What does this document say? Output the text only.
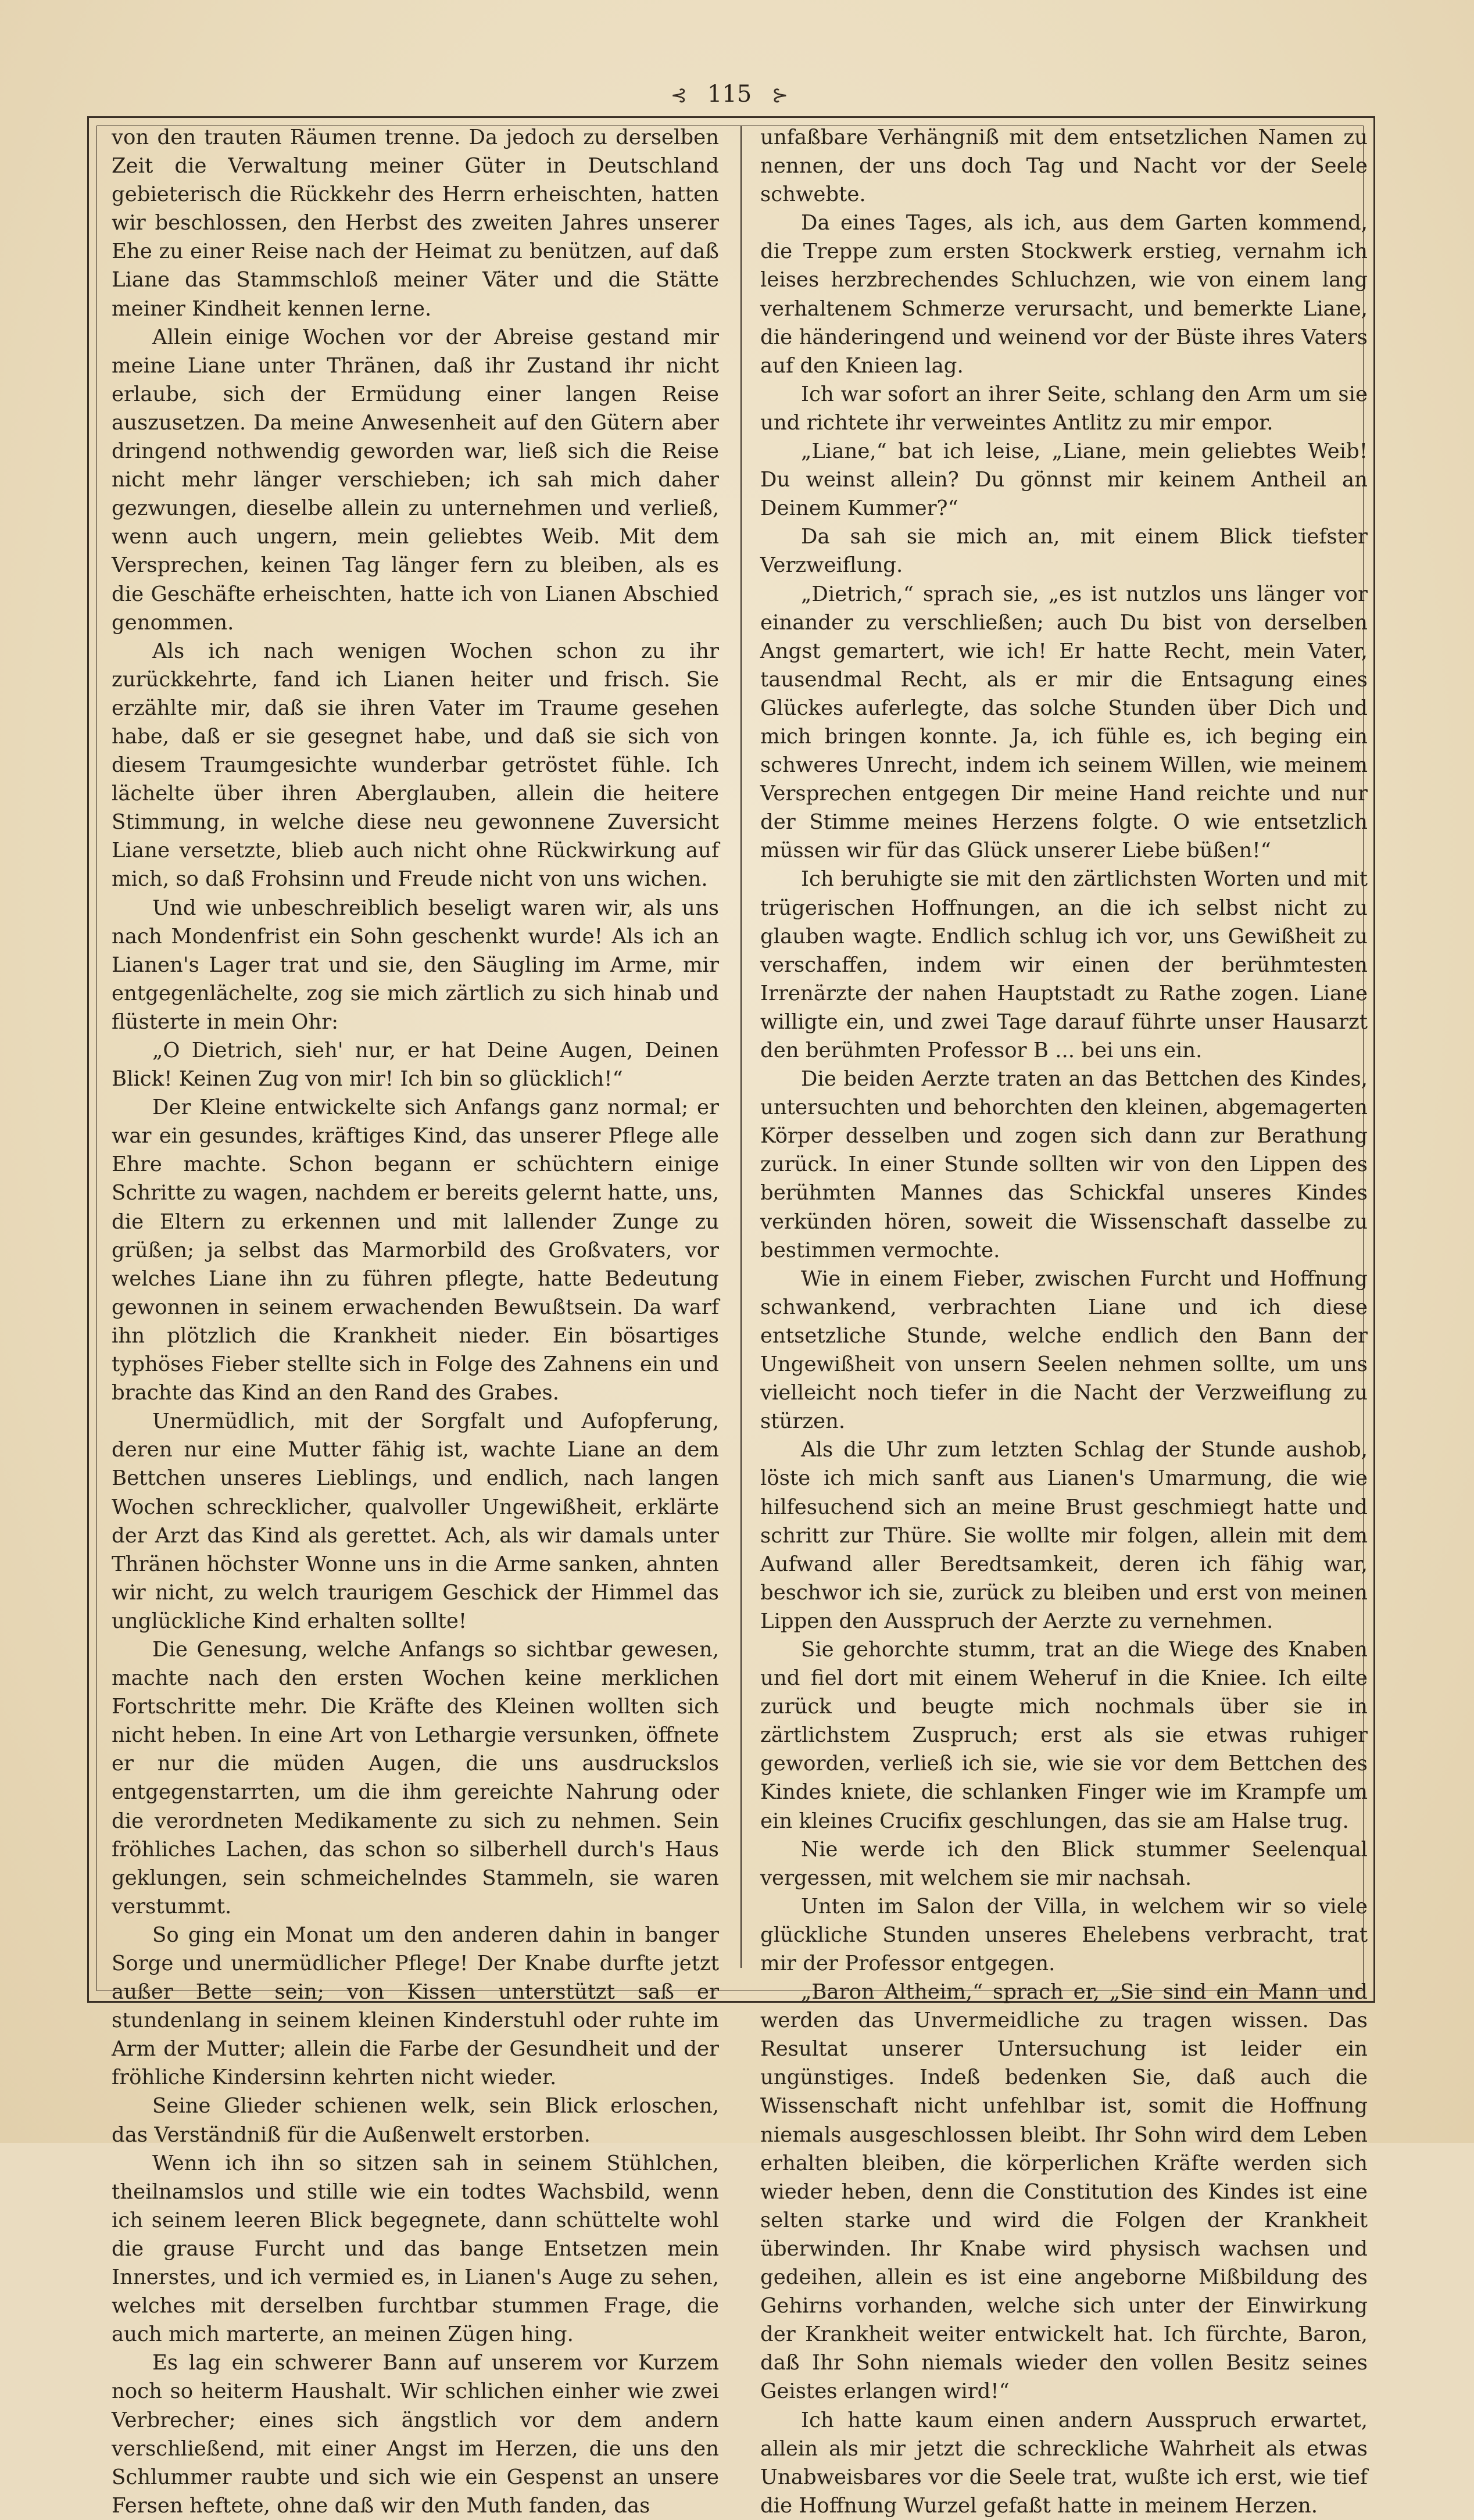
⊰ 115 ⊱

von den trauten Räumen trenne. Da jedoch zu derselben Zeit die Verwaltung meiner Güter in Deutschland gebieterisch die Rückkehr des Herrn erheischten, hatten wir beschlossen, den Herbst des zweiten Jahres unserer Ehe zu einer Reise nach der Heimat zu benützen, auf daß Liane das Stammschloß meiner Väter und die Stätte meiner Kindheit kennen lerne.

Allein einige Wochen vor der Abreise gestand mir meine Liane unter Thränen, daß ihr Zustand ihr nicht erlaube, sich der Ermüdung einer langen Reise auszusetzen. Da meine Anwesenheit auf den Gütern aber dringend nothwendig geworden war, ließ sich die Reise nicht mehr länger verschieben; ich sah mich daher gezwungen, dieselbe allein zu unternehmen und verließ, wenn auch ungern, mein geliebtes Weib. Mit dem Versprechen, keinen Tag länger fern zu bleiben, als es die Geschäfte erheischten, hatte ich von Lianen Abschied genommen.

Als ich nach wenigen Wochen schon zu ihr zurückkehrte, fand ich Lianen heiter und frisch. Sie erzählte mir, daß sie ihren Vater im Traume gesehen habe, daß er sie gesegnet habe, und daß sie sich von diesem Traumgesichte wunderbar getröstet fühle. Ich lächelte über ihren Aberglauben, allein die heitere Stimmung, in welche diese neu gewonnene Zuversicht Liane versetzte, blieb auch nicht ohne Rückwirkung auf mich, so daß Frohsinn und Freude nicht von uns wichen.

Und wie unbeschreiblich beseligt waren wir, als uns nach Mondenfrist ein Sohn geschenkt wurde! Als ich an Lianen's Lager trat und sie, den Säugling im Arme, mir entgegenlächelte, zog sie mich zärtlich zu sich hinab und flüsterte in mein Ohr:

„O Dietrich, sieh' nur, er hat Deine Augen, Deinen Blick! Keinen Zug von mir! Ich bin so glücklich!“

Der Kleine entwickelte sich Anfangs ganz normal; er war ein gesundes, kräftiges Kind, das unserer Pflege alle Ehre machte. Schon begann er schüchtern einige Schritte zu wagen, nachdem er bereits gelernt hatte, uns, die Eltern zu erkennen und mit lallender Zunge zu grüßen; ja selbst das Marmorbild des Großvaters, vor welches Liane ihn zu führen pflegte, hatte Bedeutung gewonnen in seinem erwachenden Bewußtsein. Da warf ihn plötzlich die Krankheit nieder. Ein bösartiges typhöses Fieber stellte sich in Folge des Zahnens ein und brachte das Kind an den Rand des Grabes.

Unermüdlich, mit der Sorgfalt und Aufopferung, deren nur eine Mutter fähig ist, wachte Liane an dem Bettchen unseres Lieblings, und endlich, nach langen Wochen schrecklicher, qualvoller Ungewißheit, erklärte der Arzt das Kind als gerettet. Ach, als wir damals unter Thränen höchster Wonne uns in die Arme sanken, ahnten wir nicht, zu welch traurigem Geschick der Himmel das unglückliche Kind erhalten sollte!

Die Genesung, welche Anfangs so sichtbar gewesen, machte nach den ersten Wochen keine merklichen Fortschritte mehr. Die Kräfte des Kleinen wollten sich nicht heben. In eine Art von Lethargie versunken, öffnete er nur die müden Augen, die uns ausdruckslos entgegenstarrten, um die ihm gereichte Nahrung oder die verordneten Medikamente zu sich zu nehmen. Sein fröhliches Lachen, das schon so silberhell durch's Haus geklungen, sein schmeichelndes Stammeln, sie waren verstummt.

So ging ein Monat um den anderen dahin in banger Sorge und unermüdlicher Pflege! Der Knabe durfte jetzt außer Bette sein; von Kissen unterstützt saß er stundenlang in seinem kleinen Kinderstuhl oder ruhte im Arm der Mutter; allein die Farbe der Gesundheit und der fröhliche Kindersinn kehrten nicht wieder.

Seine Glieder schienen welk, sein Blick erloschen, das Verständniß für die Außenwelt erstorben.

Wenn ich ihn so sitzen sah in seinem Stühlchen, theilnamslos und stille wie ein todtes Wachsbild, wenn ich seinem leeren Blick begegnete, dann schüttelte wohl die grause Furcht und das bange Entsetzen mein Innerstes, und ich vermied es, in Lianen's Auge zu sehen, welches mit derselben furchtbar stummen Frage, die auch mich marterte, an meinen Zügen hing.

Es lag ein schwerer Bann auf unserem vor Kurzem noch so heiterm Haushalt. Wir schlichen einher wie zwei Verbrecher; eines sich ängstlich vor dem andern verschließend, mit einer Angst im Herzen, die uns den Schlummer raubte und sich wie ein Gespenst an unsere Fersen heftete, ohne daß wir den Muth fanden, das

unfaßbare Verhängniß mit dem entsetzlichen Namen zu nennen, der uns doch Tag und Nacht vor der Seele schwebte.

Da eines Tages, als ich, aus dem Garten kommend, die Treppe zum ersten Stockwerk erstieg, vernahm ich leises herzbrechendes Schluchzen, wie von einem lang verhaltenem Schmerze verursacht, und bemerkte Liane, die händeringend und weinend vor der Büste ihres Vaters auf den Knieen lag.

Ich war sofort an ihrer Seite, schlang den Arm um sie und richtete ihr verweintes Antlitz zu mir empor.

„Liane,“ bat ich leise, „Liane, mein geliebtes Weib! Du weinst allein? Du gönnst mir keinem Antheil an Deinem Kummer?“

Da sah sie mich an, mit einem Blick tiefster Verzweiflung.

„Dietrich,“ sprach sie, „es ist nutzlos uns länger vor einander zu verschließen; auch Du bist von derselben Angst gemartert, wie ich! Er hatte Recht, mein Vater, tausendmal Recht, als er mir die Entsagung eines Glückes auferlegte, das solche Stunden über Dich und mich bringen konnte. Ja, ich fühle es, ich beging ein schweres Unrecht, indem ich seinem Willen, wie meinem Versprechen entgegen Dir meine Hand reichte und nur der Stimme meines Herzens folgte. O wie entsetzlich müssen wir für das Glück unserer Liebe büßen!“

Ich beruhigte sie mit den zärtlichsten Worten und mit trügerischen Hoffnungen, an die ich selbst nicht zu glauben wagte. Endlich schlug ich vor, uns Gewißheit zu verschaffen, indem wir einen der berühmtesten Irrenärzte der nahen Hauptstadt zu Rathe zogen. Liane willigte ein, und zwei Tage darauf führte unser Hausarzt den berühmten Professor B ... bei uns ein.

Die beiden Aerzte traten an das Bettchen des Kindes, untersuchten und behorchten den kleinen, abgemagerten Körper desselben und zogen sich dann zur Berathung zurück. In einer Stunde sollten wir von den Lippen des berühmten Mannes das Schickfal unseres Kindes verkünden hören, soweit die Wissenschaft dasselbe zu bestimmen vermochte.

Wie in einem Fieber, zwischen Furcht und Hoffnung schwankend, verbrachten Liane und ich diese entsetzliche Stunde, welche endlich den Bann der Ungewißheit von unsern Seelen nehmen sollte, um uns vielleicht noch tiefer in die Nacht der Verzweiflung zu stürzen.

Als die Uhr zum letzten Schlag der Stunde aushob, löste ich mich sanft aus Lianen's Umarmung, die wie hilfesuchend sich an meine Brust geschmiegt hatte und schritt zur Thüre. Sie wollte mir folgen, allein mit dem Aufwand aller Beredtsamkeit, deren ich fähig war, beschwor ich sie, zurück zu bleiben und erst von meinen Lippen den Ausspruch der Aerzte zu vernehmen.

Sie gehorchte stumm, trat an die Wiege des Knaben und fiel dort mit einem Weheruf in die Kniee. Ich eilte zurück und beugte mich nochmals über sie in zärtlichstem Zuspruch; erst als sie etwas ruhiger geworden, verließ ich sie, wie sie vor dem Bettchen des Kindes kniete, die schlanken Finger wie im Krampfe um ein kleines Crucifix geschlungen, das sie am Halse trug.

Nie werde ich den Blick stummer Seelenqual vergessen, mit welchem sie mir nachsah.

Unten im Salon der Villa, in welchem wir so viele glückliche Stunden unseres Ehelebens verbracht, trat mir der Professor entgegen.

„Baron Altheim,“ sprach er, „Sie sind ein Mann und werden das Unvermeidliche zu tragen wissen. Das Resultat unserer Untersuchung ist leider ein ungünstiges. Indeß bedenken Sie, daß auch die Wissenschaft nicht unfehlbar ist, somit die Hoffnung niemals ausgeschlossen bleibt. Ihr Sohn wird dem Leben erhalten bleiben, die körperlichen Kräfte werden sich wieder heben, denn die Constitution des Kindes ist eine selten starke und wird die Folgen der Krankheit überwinden. Ihr Knabe wird physisch wachsen und gedeihen, allein es ist eine angeborne Mißbildung des Gehirns vorhanden, welche sich unter der Einwirkung der Krankheit weiter entwickelt hat. Ich fürchte, Baron, daß Ihr Sohn niemals wieder den vollen Besitz seines Geistes erlangen wird!“

Ich hatte kaum einen andern Ausspruch erwartet, allein als mir jetzt die schreckliche Wahrheit als etwas Unabweisbares vor die Seele trat, wußte ich erst, wie tief die Hoffnung Wurzel gefaßt hatte in meinem Herzen.
